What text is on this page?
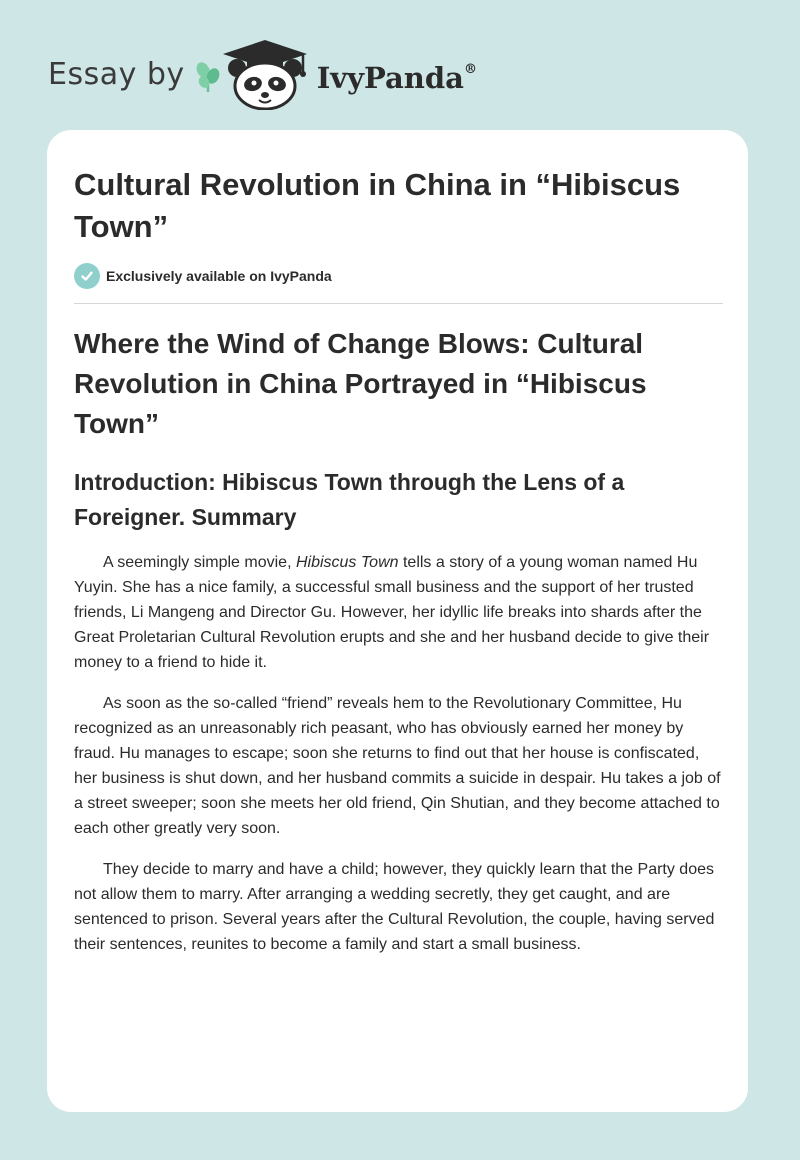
Essay by	IvyPanda®
Cultural Revolution in China in “Hibiscus Town”
Exclusively available on IvyPanda
Where the Wind of Change Blows: Cultural Revolution in China Portrayed in “Hibiscus Town”
Introduction: Hibiscus Town through the Lens of a Foreigner. Summary

A seemingly simple movie, Hibiscus Town tells a story of a young woman named Hu Yuyin. She has a nice family, a successful small business and the support of her trusted friends, Li Mangeng and Director Gu. However, her idyllic life breaks into shards after the Great Proletarian Cultural Revolution erupts and she and her husband decide to give their money to a friend to hide it.

As soon as the so-called “friend” reveals hem to the Revolutionary Committee, Hu recognized as an unreasonably rich peasant, who has obviously earned her money by fraud. Hu manages to escape; soon she returns to find out that her house is confiscated, her business is shut down, and her husband commits a suicide in despair. Hu takes a job of a street sweeper; soon she meets her old friend, Qin Shutian, and they become attached to each other greatly very soon.

They decide to marry and have a child; however, they quickly learn that the Party does not allow them to marry. After arranging a wedding secretly, they get caught, and are sentenced to prison. Several years after the Cultural Revolution, the couple, having served their sentences, reunites to become a family and start a small business.
